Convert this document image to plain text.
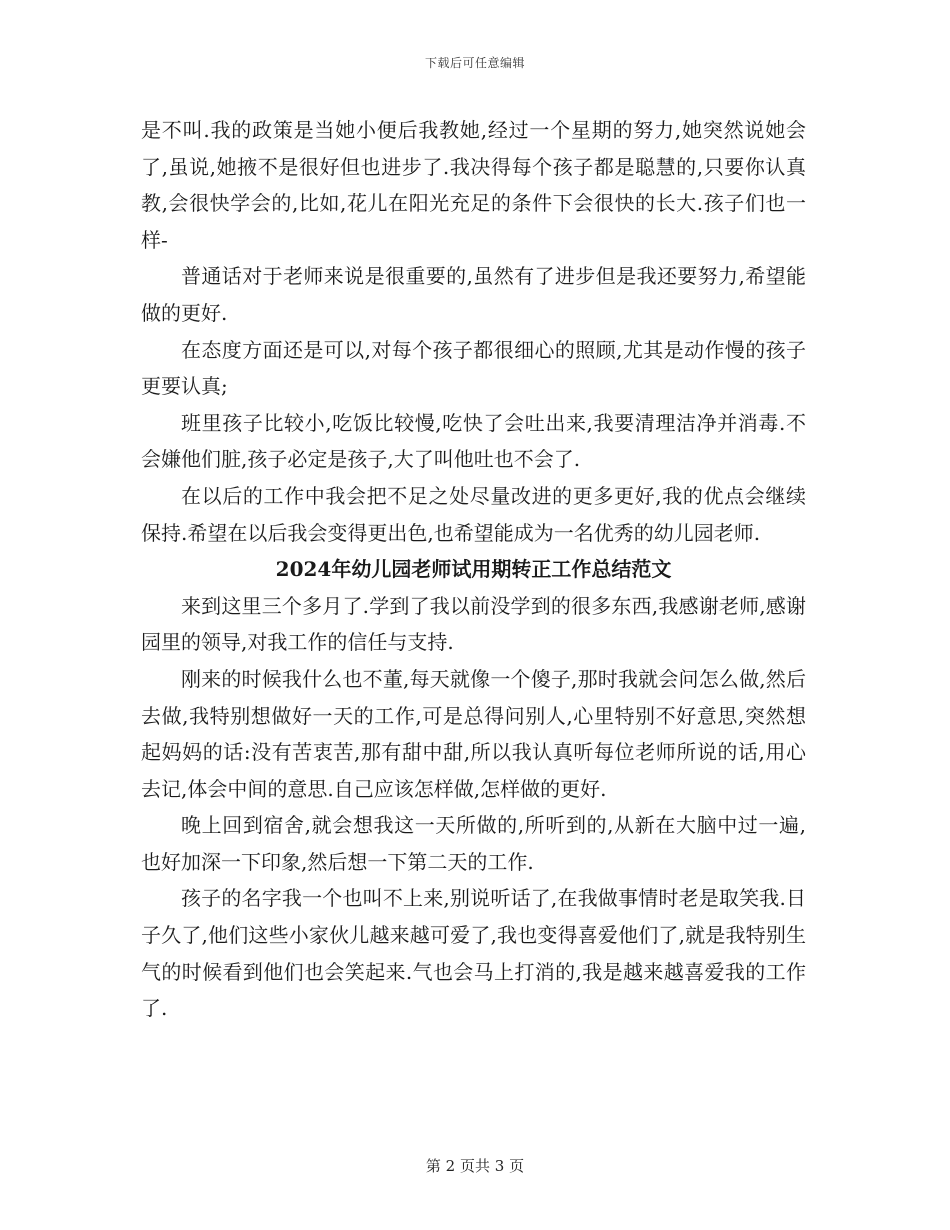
下载后可任意编辑

是不叫.我的政策是当她小便后我教她,经过一个星期的努力,她突然说她会了,虽说,她掖不是很好但也进步了.我决得每个孩子都是聪慧的,只要你认真教,会很快学会的,比如,花儿在阳光充足的条件下会很快的长大.孩子们也一样-

普通话对于老师来说是很重要的,虽然有了进步但是我还要努力,希望能做的更好.

在态度方面还是可以,对每个孩子都很细心的照顾,尤其是动作慢的孩子更要认真;

班里孩子比较小,吃饭比较慢,吃快了会吐出来,我要清理洁净并消毒.不会嫌他们脏,孩子必定是孩子,大了叫他吐也不会了.

在以后的工作中我会把不足之处尽量改进的更多更好,我的优点会继续保持.希望在以后我会变得更出色,也希望能成为一名优秀的幼儿园老师.

2024年幼儿园老师试用期转正工作总结范文

来到这里三个多月了.学到了我以前没学到的很多东西,我感谢老师,感谢园里的领导,对我工作的信任与支持.

刚来的时候我什么也不董,每天就像一个傻子,那时我就会问怎么做,然后去做,我特别想做好一天的工作,可是总得问别人,心里特别不好意思,突然想起妈妈的话:没有苦衷苦,那有甜中甜,所以我认真听每位老师所说的话,用心去记,体会中间的意思.自己应该怎样做,怎样做的更好.

晚上回到宿舍,就会想我这一天所做的,所听到的,从新在大脑中过一遍,也好加深一下印象,然后想一下第二天的工作.

孩子的名字我一个也叫不上来,别说听话了,在我做事情时老是取笑我.日子久了,他们这些小家伙儿越来越可爱了,我也变得喜爱他们了,就是我特别生气的时候看到他们也会笑起来.气也会马上打消的,我是越来越喜爱我的工作了.

第 2 页共 3 页
